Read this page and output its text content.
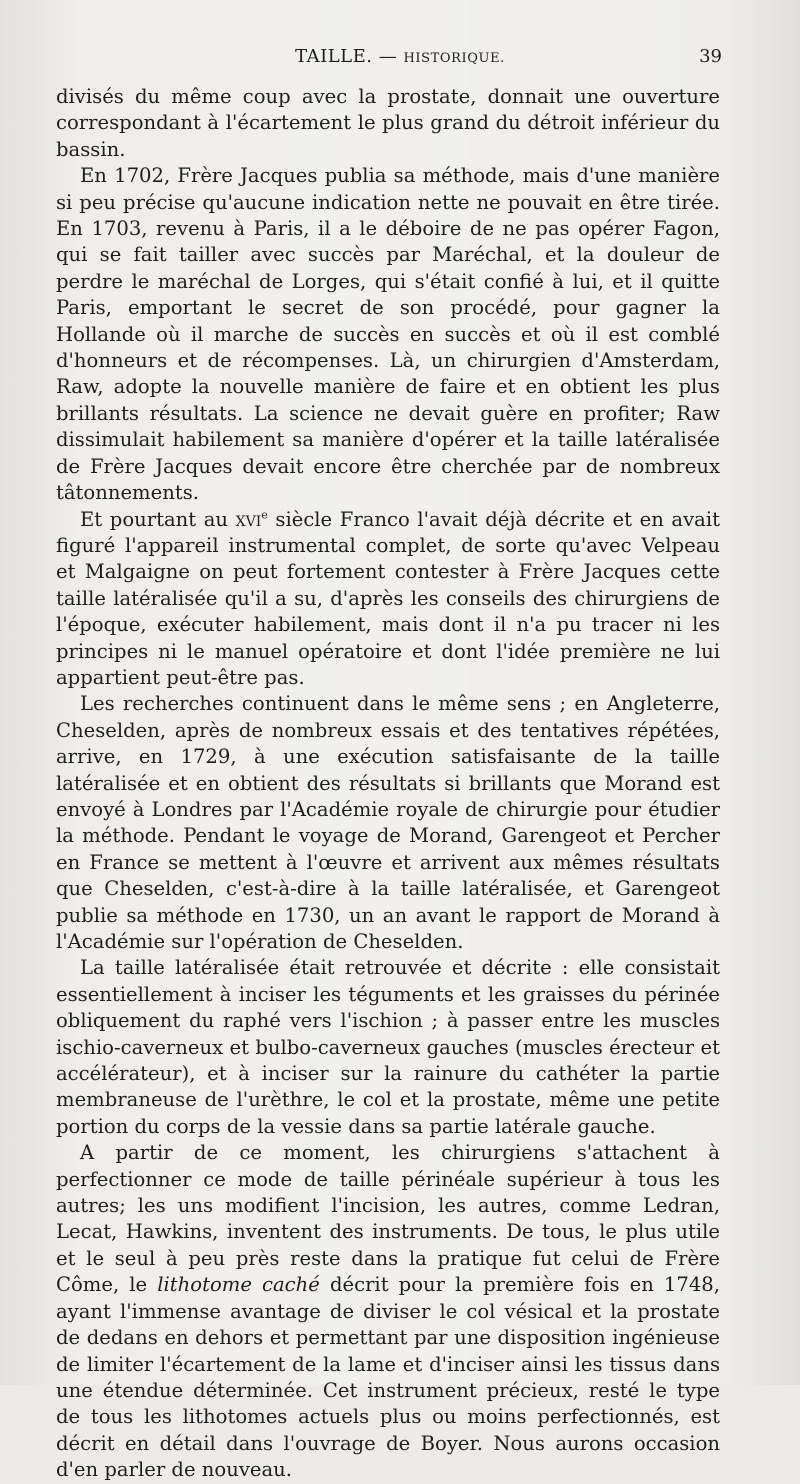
TAILLE. — HISTORIQUE.	39

divisés du même coup avec la prostate, donnait une ouverture correspondant à l'écartement le plus grand du détroit inférieur du bassin.

En 1702, Frère Jacques publia sa méthode, mais d'une manière si peu précise qu'aucune indication nette ne pouvait en être tirée. En 1703, revenu à Paris, il a le déboire de ne pas opérer Fagon, qui se fait tailler avec succès par Maréchal, et la douleur de perdre le maréchal de Lorges, qui s'était confié à lui, et il quitte Paris, emportant le secret de son procédé, pour gagner la Hollande où il marche de succès en succès et où il est comblé d'honneurs et de récompenses. Là, un chirurgien d'Amsterdam, Raw, adopte la nouvelle manière de faire et en obtient les plus brillants résultats. La science ne devait guère en profiter; Raw dissimulait habilement sa manière d'opérer et la taille latéralisée de Frère Jacques devait encore être cherchée par de nombreux tâtonnements.

Et pourtant au xvi$^e$ siècle Franco l'avait déjà décrite et en avait figuré l'appareil instrumental complet, de sorte qu'avec Velpeau et Malgaigne on peut fortement contester à Frère Jacques cette taille latéralisée qu'il a su, d'après les conseils des chirurgiens de l'époque, exécuter habilement, mais dont il n'a pu tracer ni les principes ni le manuel opératoire et dont l'idée première ne lui appartient peut-être pas.

Les recherches continuent dans le même sens ; en Angleterre, Cheselden, après de nombreux essais et des tentatives répétées, arrive, en 1729, à une exécution satisfaisante de la taille latéralisée et en obtient des résultats si brillants que Morand est envoyé à Londres par l'Académie royale de chirurgie pour étudier la méthode. Pendant le voyage de Morand, Garengeot et Percher en France se mettent à l'œuvre et arrivent aux mêmes résultats que Cheselden, c'est-à-dire à la taille latéralisée, et Garengeot publie sa méthode en 1730, un an avant le rapport de Morand à l'Académie sur l'opération de Cheselden.

La taille latéralisée était retrouvée et décrite : elle consistait essentiellement à inciser les téguments et les graisses du périnée obliquement du raphé vers l'ischion ; à passer entre les muscles ischio-caverneux et bulbo-caverneux gauches (muscles érecteur et accélérateur), et à inciser sur la rainure du cathéter la partie membraneuse de l'urèthre, le col et la prostate, même une petite portion du corps de la vessie dans sa partie latérale gauche.

A partir de ce moment, les chirurgiens s'attachent à perfectionner ce mode de taille périnéale supérieur à tous les autres; les uns modifient l'incision, les autres, comme Ledran, Lecat, Hawkins, inventent des instruments. De tous, le plus utile et le seul à peu près reste dans la pratique fut celui de Frère Côme, le lithotome caché décrit pour la première fois en 1748, ayant l'immense avantage de diviser le col vésical et la prostate de dedans en dehors et permettant par une disposition ingénieuse de limiter l'écartement de la lame et d'inciser ainsi les tissus dans une étendue déterminée. Cet instrument précieux, resté le type de tous les lithotomes actuels plus ou moins perfectionnés, est décrit en détail dans l'ouvrage de Boyer. Nous aurons occasion d'en parler de nouveau.
